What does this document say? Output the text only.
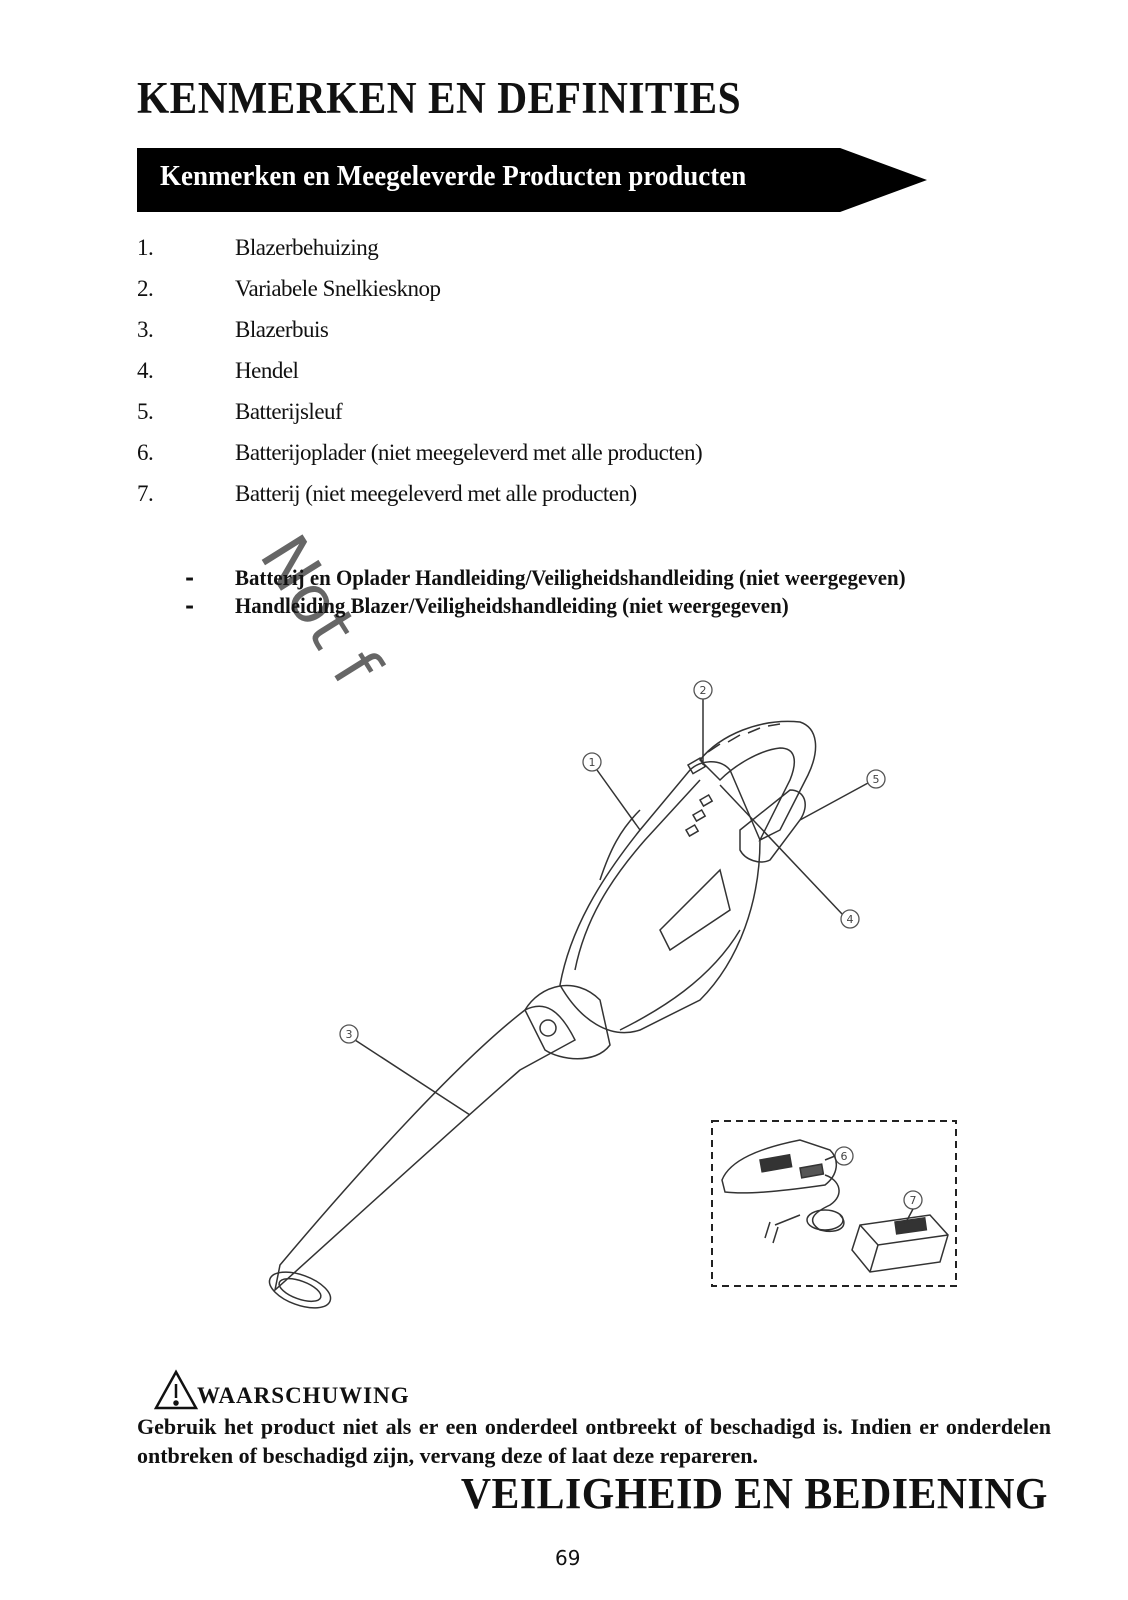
KENMERKEN EN DEFINITIES
Kenmerken en Meegeleverde Producten producten
1.	Blazerbehuizing
2.	Variabele Snelkiesknop
3.	Blazerbuis
4.	Hendel
5.	Batterijsleuf
6.	Batterijoplader (niet meegeleverd met alle producten)
7.	Batterij (niet meegeleverd met alle producten)
Not f
- Batterij en Oplader Handleiding/Veiligheidshandleiding (niet weergegeven)
- Handleiding Blazer/Veiligheidshandleiding (niet weergegeven)
1
2
3
4
5
6
7
WAARSCHUWING
Gebruik het product niet als er een onderdeel ontbreekt of beschadigd is. Indien er onderdelen ontbreken of beschadigd zijn, vervang deze of laat deze repareren.
VEILIGHEID EN BEDIENING
69
